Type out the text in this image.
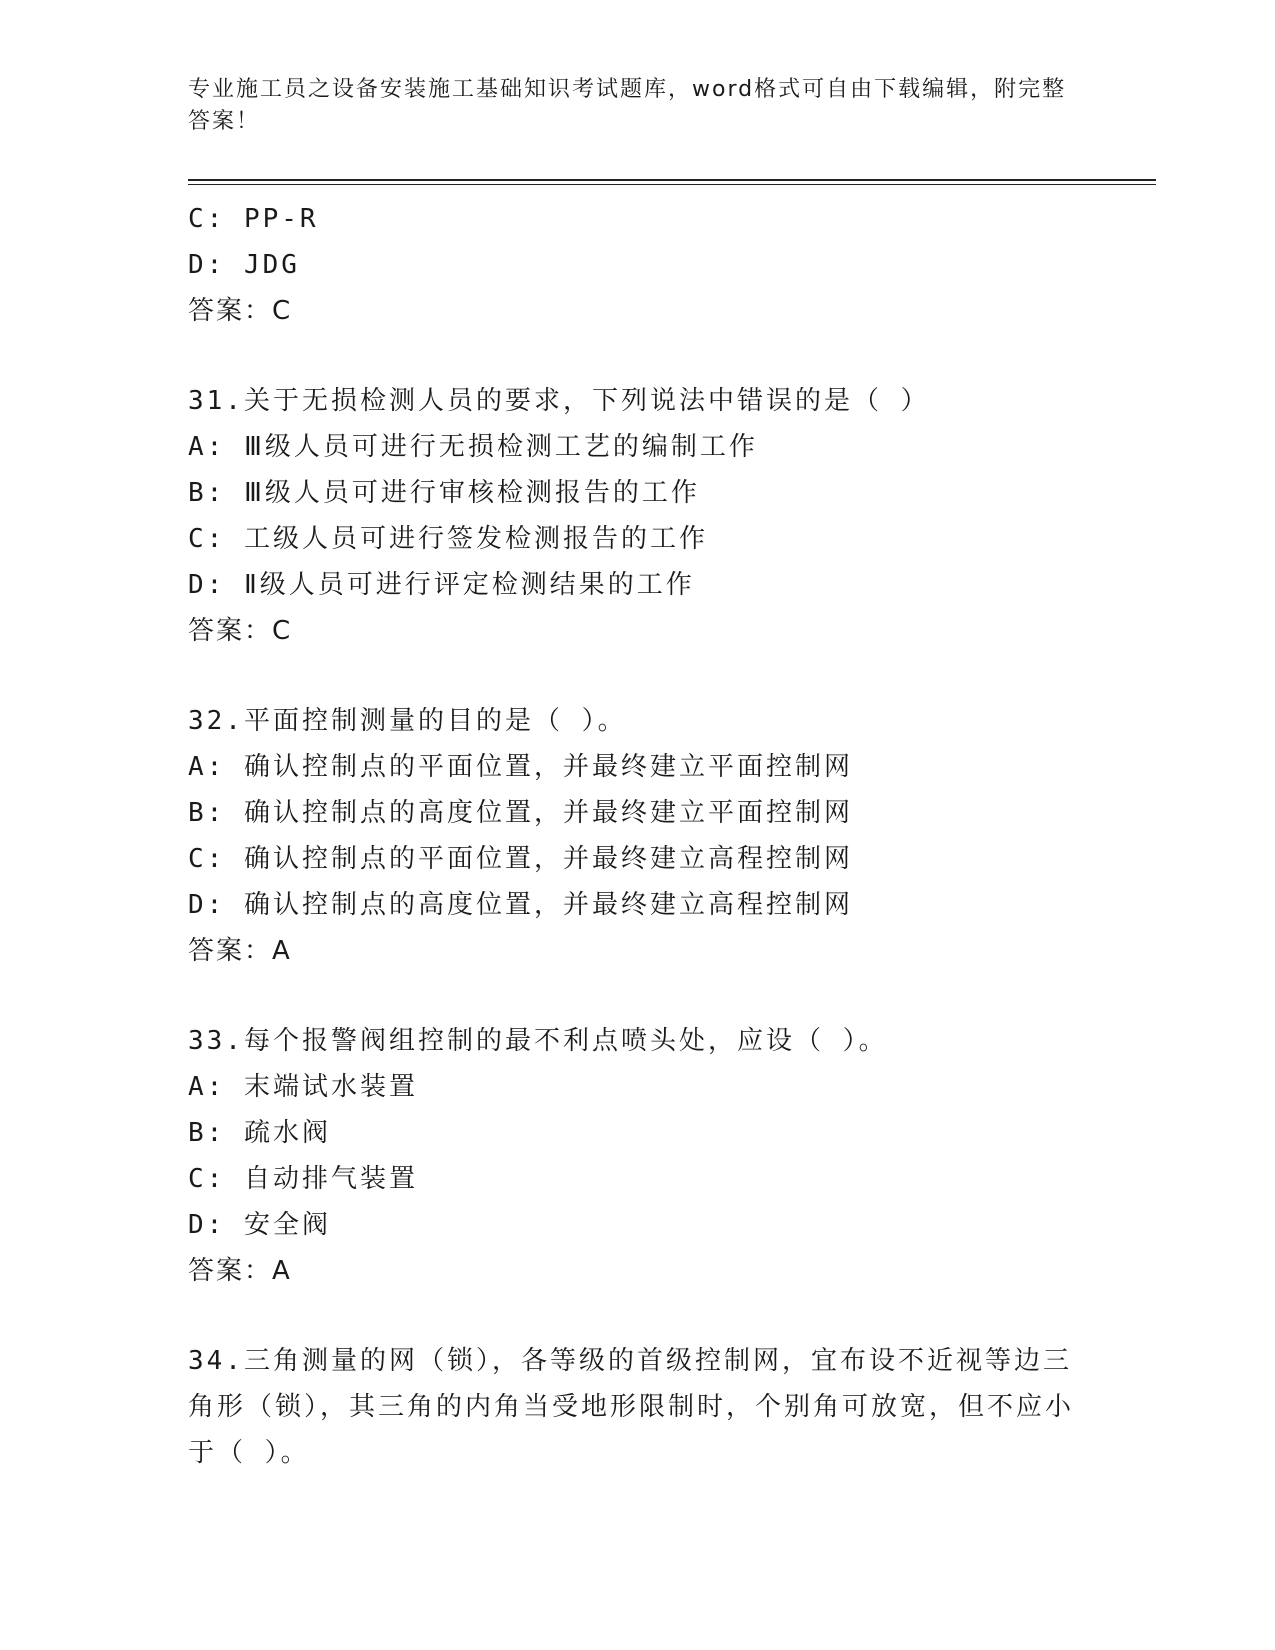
专业施工员之设备安装施工基础知识考试题库，word格式可自由下载编辑，附完整答案！
C: PP-R
D: JDG
答案：C
31.关于无损检测人员的要求，下列说法中错误的是（ ）
A: Ⅲ级人员可进行无损检测工艺的编制工作
B: Ⅲ级人员可进行审核检测报告的工作
C: 工级人员可进行签发检测报告的工作
D: Ⅱ级人员可进行评定检测结果的工作
答案：C
32.平面控制测量的目的是（ ）。
A: 确认控制点的平面位置，并最终建立平面控制网
B: 确认控制点的高度位置，并最终建立平面控制网
C: 确认控制点的平面位置，并最终建立高程控制网
D: 确认控制点的高度位置，并最终建立高程控制网
答案：A
33.每个报警阀组控制的最不利点喷头处，应设（ ）。
A: 末端试水装置
B: 疏水阀
C: 自动排气装置
D: 安全阀
答案：A
34.三角测量的网（锁），各等级的首级控制网，宜布设不近视等边三角形（锁），其三角的内角当受地形限制时，个别角可放宽，但不应小于（ ）。
